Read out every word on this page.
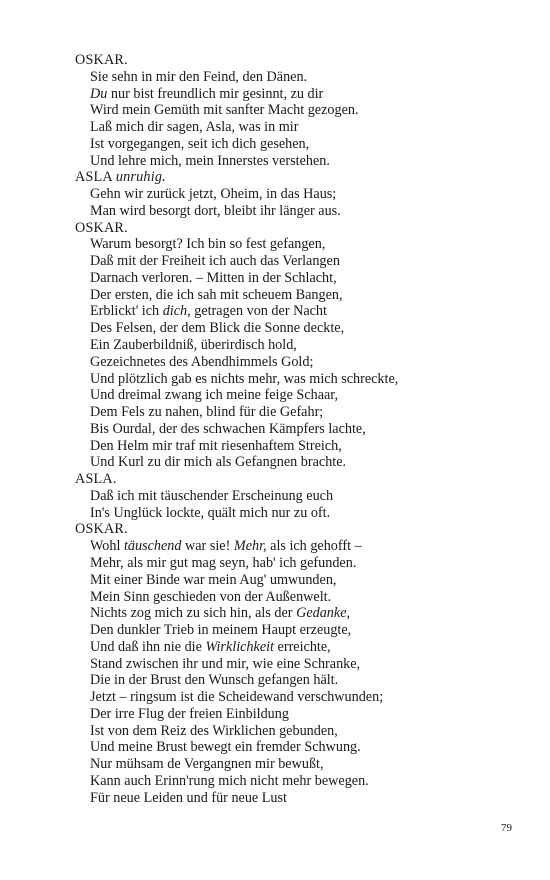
OSKAR.
Sie sehn in mir den Feind, den Dänen.
Du nur bist freundlich mir gesinnt, zu dir
Wird mein Gemüth mit sanfter Macht gezogen.
Laß mich dir sagen, Asla, was in mir
Ist vorgegangen, seit ich dich gesehen,
Und lehre mich, mein Innerstes verstehen.
ASLA unruhig.
Gehn wir zurück jetzt, Oheim, in das Haus;
Man wird besorgt dort, bleibt ihr länger aus.
OSKAR.
Warum besorgt? Ich bin so fest gefangen,
Daß mit der Freiheit ich auch das Verlangen
Darnach verloren. – Mitten in der Schlacht,
Der ersten, die ich sah mit scheuem Bangen,
Erblickt' ich dich, getragen von der Nacht
Des Felsen, der dem Blick die Sonne deckte,
Ein Zauberbildniß, überirdisch hold,
Gezeichnetes des Abendhimmels Gold;
Und plötzlich gab es nichts mehr, was mich schreckte,
Und dreimal zwang ich meine feige Schaar,
Dem Fels zu nahen, blind für die Gefahr;
Bis Ourdal, der des schwachen Kämpfers lachte,
Den Helm mir traf mit riesenhaftem Streich,
Und Kurl zu dir mich als Gefangnen brachte.
ASLA.
Daß ich mit täuschender Erscheinung euch
In's Unglück lockte, quält mich nur zu oft.
OSKAR.
Wohl täuschend war sie! Mehr, als ich gehofft –
Mehr, als mir gut mag seyn, hab' ich gefunden.
Mit einer Binde war mein Aug' umwunden,
Mein Sinn geschieden von der Außenwelt.
Nichts zog mich zu sich hin, als der Gedanke,
Den dunkler Trieb in meinem Haupt erzeugte,
Und daß ihn nie die Wirklichkeit erreichte,
Stand zwischen ihr und mir, wie eine Schranke,
Die in der Brust den Wunsch gefangen hält.
Jetzt – ringsum ist die Scheidewand verschwunden;
Der irre Flug der freien Einbildung
Ist von dem Reiz des Wirklichen gebunden,
Und meine Brust bewegt ein fremder Schwung.
Nur mühsam de Vergangnen mir bewußt,
Kann auch Erinn'rung mich nicht mehr bewegen.
Für neue Leiden und für neue Lust
79
